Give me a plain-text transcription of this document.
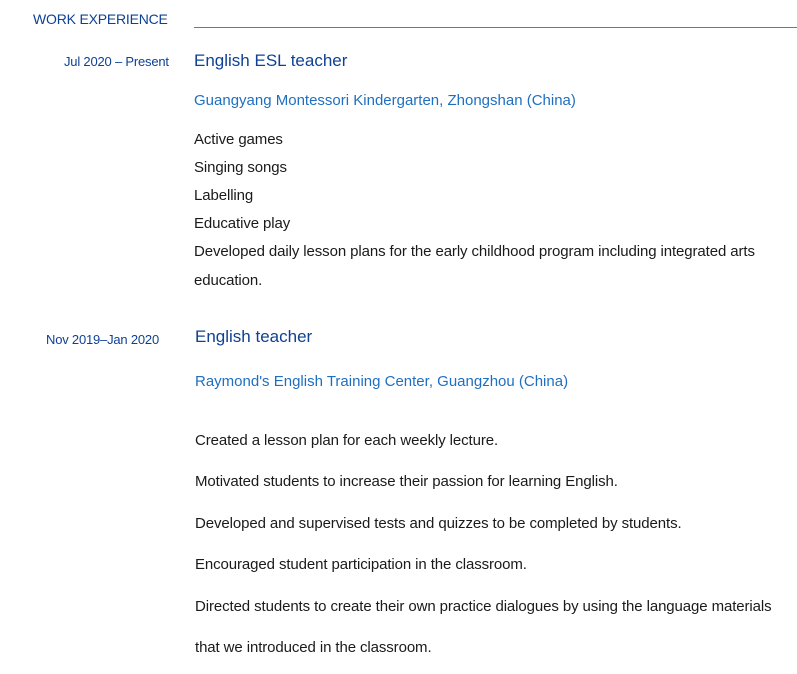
WORK EXPERIENCE
Jul 2020 – Present English ESL teacher
Guangyang Montessori Kindergarten, Zhongshan (China)
Active games
Singing songs
Labelling
Educative play
Developed daily lesson plans for the early childhood program including integrated arts
education.
Nov 2019–Jan 2020 English teacher
Raymond's English Training Center, Guangzhou (China)
Created a lesson plan for each weekly lecture.
Motivated students to increase their passion for learning English.
Developed and supervised tests and quizzes to be completed by students.
Encouraged student participation in the classroom.
Directed students to create their own practice dialogues by using the language materials
that we introduced in the classroom.
